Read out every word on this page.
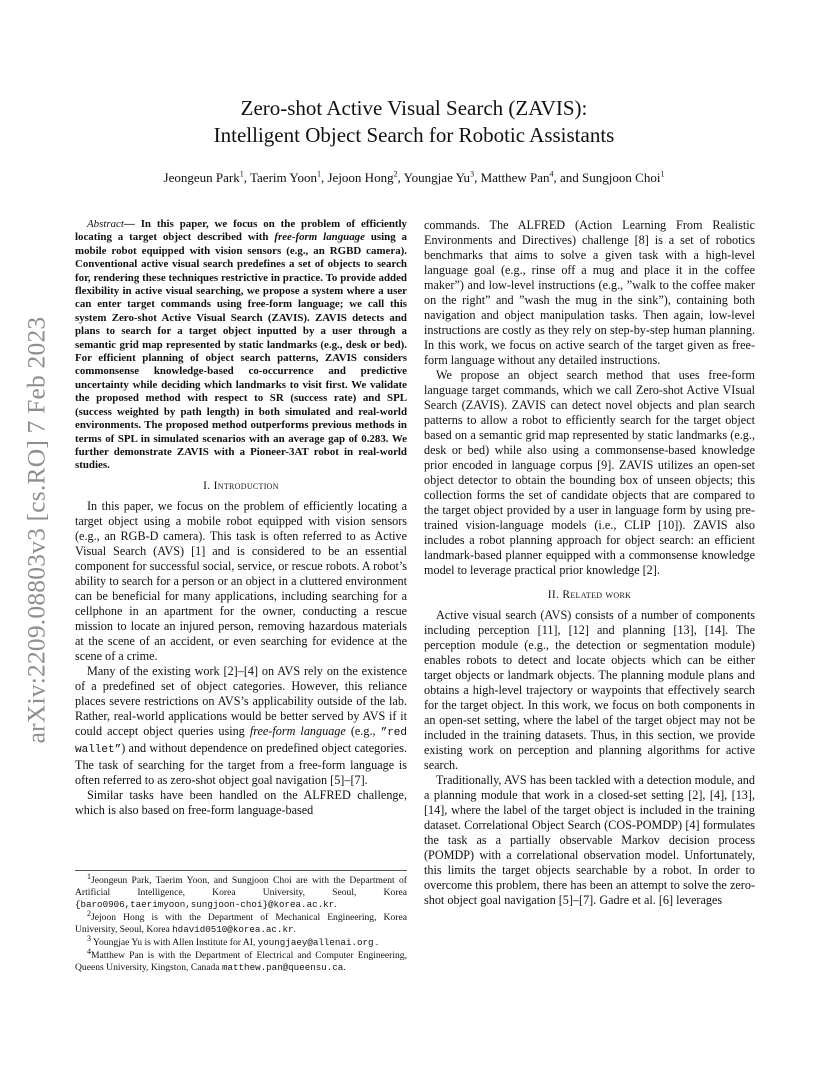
arXiv:2209.08803v3 [cs.RO] 7 Feb 2023
Zero-shot Active Visual Search (ZAVIS):
Intelligent Object Search for Robotic Assistants
Jeongeun Park$^1$, Taerim Yoon$^1$, Jejoon Hong$^2$, Youngjae Yu$^3$, Matthew Pan$^4$, and Sungjoon Choi$^1$

Abstract— In this paper, we focus on the problem of efficiently locating a target object described with free-form language using a mobile robot equipped with vision sensors (e.g., an RGBD camera). Conventional active visual search predefines a set of objects to search for, rendering these techniques restrictive in practice. To provide added flexibility in active visual searching, we propose a system where a user can enter target commands using free-form language; we call this system Zero-shot Active Visual Search (ZAVIS). ZAVIS detects and plans to search for a target object inputted by a user through a semantic grid map represented by static landmarks (e.g., desk or bed). For efficient planning of object search patterns, ZAVIS considers commonsense knowledge-based co-occurrence and predictive uncertainty while deciding which landmarks to visit first. We validate the proposed method with respect to SR (success rate) and SPL (success weighted by path length) in both simulated and real-world environments. The proposed method outperforms previous methods in terms of SPL in simulated scenarios with an average gap of 0.283. We further demonstrate ZAVIS with a Pioneer-3AT robot in real-world studies.

I. Introduction

In this paper, we focus on the problem of efficiently locating a target object using a mobile robot equipped with vision sensors (e.g., an RGB-D camera). This task is often referred to as Active Visual Search (AVS) [1] and is considered to be an essential component for successful social, service, or rescue robots. A robot’s ability to search for a person or an object in a cluttered environment can be beneficial for many applications, including searching for a cellphone in an apartment for the owner, conducting a rescue mission to locate an injured person, removing hazardous materials at the scene of an accident, or even searching for evidence at the scene of a crime.

Many of the existing work [2]–[4] on AVS rely on the existence of a predefined set of object categories. However, this reliance places severe restrictions on AVS’s applicability outside of the lab. Rather, real-world applications would be better served by AVS if it could accept object queries using free-form language (e.g., ”red wallet”) and without dependence on predefined object categories. The task of searching for the target from a free-form language is often referred to as zero-shot object goal navigation [5]–[7].

Similar tasks have been handled on the ALFRED challenge, which is also based on free-form language-based

$^1$Jeongeun Park, Taerim Yoon, and Sungjoon Choi are with the Department of Artificial Intelligence, Korea University, Seoul, Korea {baro0906,taerimyoon,sungjoon-choi}@korea.ac.kr.

$^2$Jejoon Hong is with the Department of Mechanical Engineering, Korea University, Seoul, Korea hdavid0510@korea.ac.kr.

$^3$ Youngjae Yu is with Allen Institute for AI, youngjaey@allenai.org .

$^4$Matthew Pan is with the Department of Electrical and Computer Engineering, Queens University, Kingston, Canada matthew.pan@queensu.ca.

commands. The ALFRED (Action Learning From Realistic Environments and Directives) challenge [8] is a set of robotics benchmarks that aims to solve a given task with a high-level language goal (e.g., rinse off a mug and place it in the coffee maker”) and low-level instructions (e.g., ”walk to the coffee maker on the right” and ”wash the mug in the sink”), containing both navigation and object manipulation tasks. Then again, low-level instructions are costly as they rely on step-by-step human planning. In this work, we focus on active search of the target given as free-form language without any detailed instructions.

We propose an object search method that uses free-form language target commands, which we call Zero-shot Active VIsual Search (ZAVIS). ZAVIS can detect novel objects and plan search patterns to allow a robot to efficiently search for the target object based on a semantic grid map represented by static landmarks (e.g., desk or bed) while also using a commonsense-based knowledge prior encoded in language corpus [9]. ZAVIS utilizes an open-set object detector to obtain the bounding box of unseen objects; this collection forms the set of candidate objects that are compared to the target object provided by a user in language form by using pre-trained vision-language models (i.e., CLIP [10]). ZAVIS also includes a robot planning approach for object search: an efficient landmark-based planner equipped with a commonsense knowledge model to leverage practical prior knowledge [2].

II. Related work

Active visual search (AVS) consists of a number of components including perception [11], [12] and planning [13], [14]. The perception module (e.g., the detection or segmentation module) enables robots to detect and locate objects which can be either target objects or landmark objects. The planning module plans and obtains a high-level trajectory or waypoints that effectively search for the target object. In this work, we focus on both components in an open-set setting, where the label of the target object may not be included in the training datasets. Thus, in this section, we provide existing work on perception and planning algorithms for active search.

Traditionally, AVS has been tackled with a detection module, and a planning module that work in a closed-set setting [2], [4], [13], [14], where the label of the target object is included in the training dataset. Correlational Object Search (COS-POMDP) [4] formulates the task as a partially observable Markov decision process (POMDP) with a correlational observation model. Unfortunately, this limits the target objects searchable by a robot. In order to overcome this problem, there has been an attempt to solve the zero-shot object goal navigation [5]–[7]. Gadre et al. [6] leverages
